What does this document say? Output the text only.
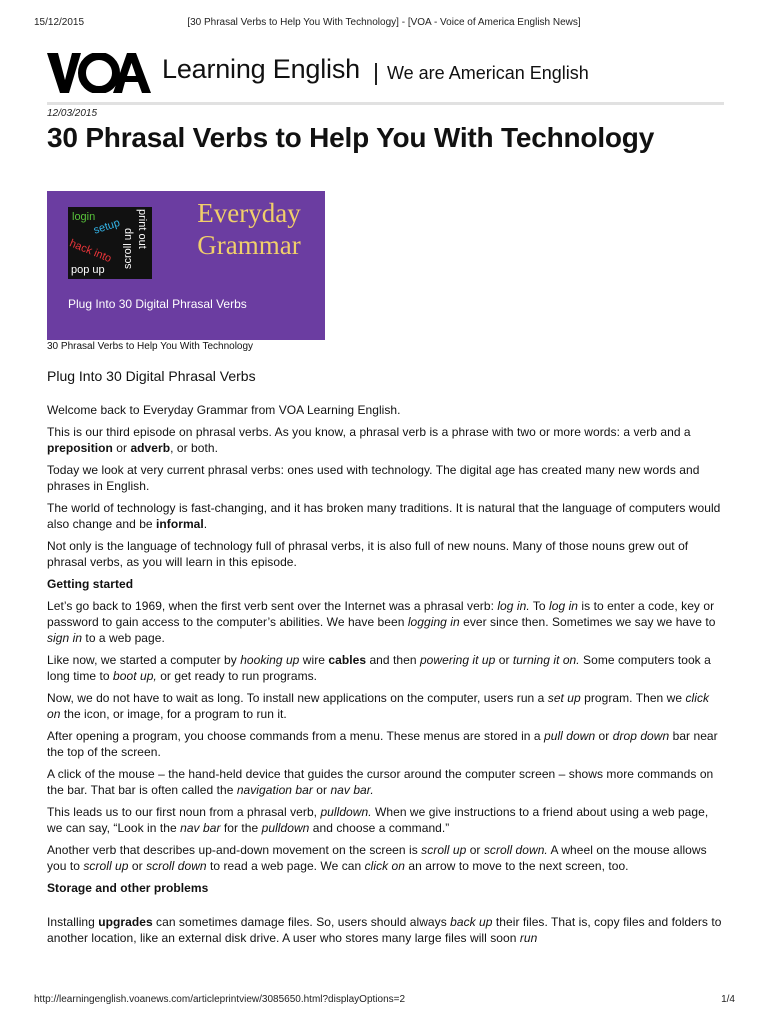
15/12/2015	[30 Phrasal Verbs to Help You With Technology] - [VOA - Voice of America English News]
Learning English We are American English
12/03/2015
30 Phrasal Verbs to Help You With Technology
login
setup
hack into
pop up
print out
scroll up
Everyday
Grammar
Plug Into 30 Digital Phrasal Verbs
30 Phrasal Verbs to Help You With Technology
Plug Into 30 Digital Phrasal Verbs

Welcome back to Everyday Grammar from VOA Learning English.

This is our third episode on phrasal verbs. As you know, a phrasal verb is a phrase with two or more words: a verb and a preposition or adverb, or both.

Today we look at very current phrasal verbs: ones used with technology. The digital age has created many new words and phrases in English.

The world of technology is fast-changing, and it has broken many traditions. It is natural that the language of computers would also change and be informal.

Not only is the language of technology full of phrasal verbs, it is also full of new nouns. Many of those nouns grew out of phrasal verbs, as you will learn in this episode.

Getting started

Let’s go back to 1969, when the first verb sent over the Internet was a phrasal verb: log in. To log in is to enter a code, key or password to gain access to the computer’s abilities. We have been logging in ever since then. Sometimes we say we have to sign in to a web page.

Like now, we started a computer by hooking up wire cables and then powering it up or turning it on. Some computers took a long time to boot up, or get ready to run programs.

Now, we do not have to wait as long. To install new applications on the computer, users run a set up program. Then we click on the icon, or image, for a program to run it.

After opening a program, you choose commands from a menu. These menus are stored in a pull down or drop down bar near the top of the screen.

A click of the mouse – the hand-held device that guides the cursor around the computer screen – shows more commands on the bar. That bar is often called the navigation bar or nav bar.

This leads us to our first noun from a phrasal verb, pulldown. When we give instructions to a friend about using a web page, we can say, “Look in the nav bar for the pulldown and choose a command.”

Another verb that describes up-and-down movement on the screen is scroll up or scroll down. A wheel on the mouse allows you to scroll up or scroll down to read a web page. We can click on an arrow to move to the next screen, too.

Storage and other problems

Installing upgrades can sometimes damage files. So, users should always back up their files. That is, copy files and folders to another location, like an external disk drive. A user who stores many large files will soon run

http://learningenglish.voanews.com/articleprintview/3085650.html?displayOptions=2	1/4
